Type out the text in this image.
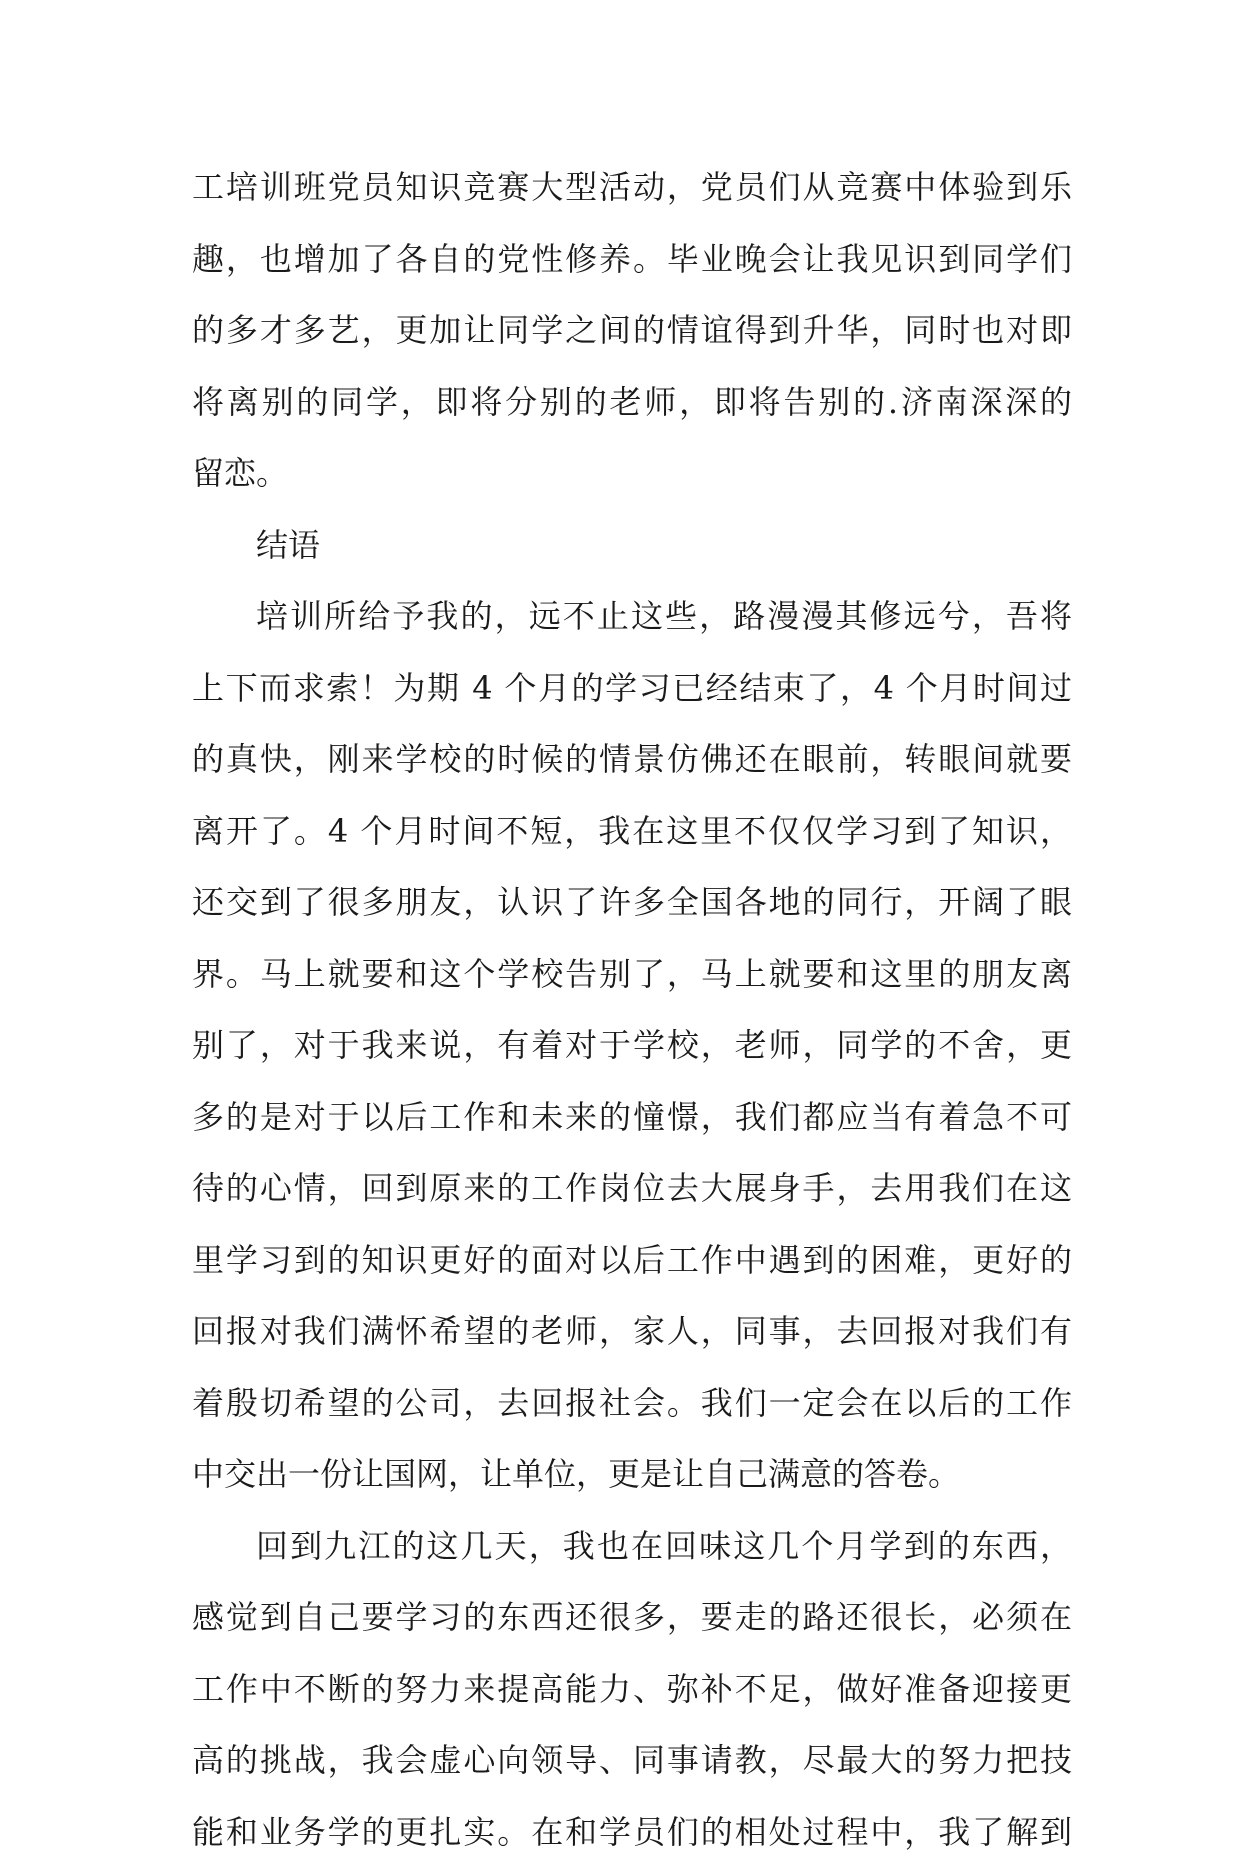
工培训班党员知识竞赛大型活动，党员们从竞赛中体验到乐
趣，也增加了各自的党性修养。毕业晚会让我见识到同学们
的多才多艺，更加让同学之间的情谊得到升华，同时也对即
将离别的同学，即将分别的老师，即将告别的.济南深深的
留恋。
结语
培训所给予我的，远不止这些，路漫漫其修远兮，吾将
上下而求索！为期 4 个月的学习已经结束了，4 个月时间过
的真快，刚来学校的时候的情景仿佛还在眼前，转眼间就要
离开了。4 个月时间不短，我在这里不仅仅学习到了知识，
还交到了很多朋友，认识了许多全国各地的同行，开阔了眼
界。马上就要和这个学校告别了，马上就要和这里的朋友离
别了，对于我来说，有着对于学校，老师，同学的不舍，更
多的是对于以后工作和未来的憧憬，我们都应当有着急不可
待的心情，回到原来的工作岗位去大展身手，去用我们在这
里学习到的知识更好的面对以后工作中遇到的困难，更好的
回报对我们满怀希望的老师，家人，同事，去回报对我们有
着殷切希望的公司，去回报社会。我们一定会在以后的工作
中交出一份让国网，让单位，更是让自己满意的答卷。
回到九江的这几天，我也在回味这几个月学到的东西，
感觉到自己要学习的东西还很多，要走的路还很长，必须在
工作中不断的努力来提高能力、弥补不足，做好准备迎接更
高的挑战，我会虚心向领导、同事请教，尽最大的努力把技
能和业务学的更扎实。在和学员们的相处过程中，我了解到
